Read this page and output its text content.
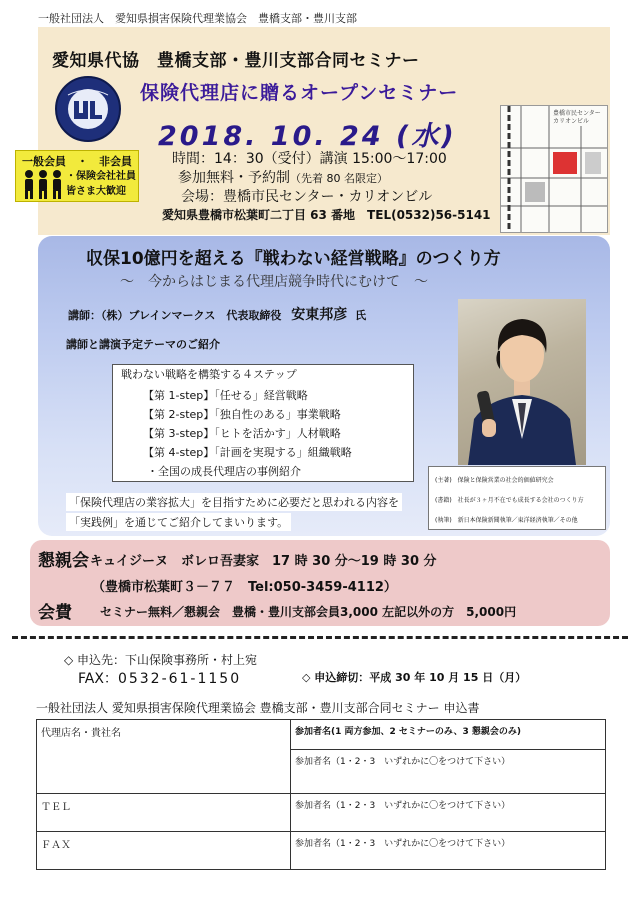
一般社団法人　愛知県損害保険代理業協会　豊橋支部・豊川支部
愛知県代協　豊橋支部・豊川支部合同セミナー
保険代理店に贈るオープンセミナー
2018. 10. 24 (水)
一般会員　・　非会員
・保険会社社員
皆さま大歓迎
時間：14：30（受付）講演 15:00～17:00
参加無料・予約制（先着 80 名限定）
会場：豊橋市民センター・カリオンビル
愛知県豊橋市松葉町二丁目 63 番地　TEL(0532)56-5141
豊橋市民センター カリオンビル
収保10億円を超える『戦わない経営戦略』のつくり方
～　今からはじまる代理店競争時代にむけて　～
講師：（株）ブレインマークス　代表取締役 安東邦彦 氏
講師と講演予定テーマのご紹介
戦わない戦略を構築する４ステップ
【第 1-step】「任せる」経営戦略
【第 2-step】「独自性のある」事業戦略
【第 3-step】「ヒトを活かす」人材戦略
【第 4-step】「計画を実現する」組織戦略
・全国の成長代理店の事例紹介
「保険代理店の業容拡大」を目指すために必要だと思われる内容を
「実践例」を通じてご紹介してまいります。
(主著)　保険と保険営業の社会的価値研究会
(書籍)　社長が３ヶ月不在でも成長する会社のつくり方
(執筆)　新日本保険新聞執筆／東洋経済執筆／その他
懇親会 キュイジーヌ　ボレロ吾妻家　17 時 30 分～19 時 30 分
（豊橋市松葉町３－７７　Tel:050-3459-4112）
会費 セミナー無料／懇親会　豊橋・豊川支部会員3,000 左記以外の方　5,000円
◇ 申込先：下山保険事務所・村上宛
FAX：0532-61-1150	◇ 申込締切：平成 30 年 10 月 15 日（月）
一般社団法人 愛知県損害保険代理業協会 豊橋支部・豊川支部合同セミナー 申込書
代理店名・貴社名	参加者名(1 両方参加、2 セミナーのみ、3 懇親会のみ)
	参加者名（1・2・3　いずれかに〇をつけて下さい）
ＴＥＬ	参加者名（1・2・3　いずれかに〇をつけて下さい）
ＦＡＸ	参加者名（1・2・3　いずれかに〇をつけて下さい）
